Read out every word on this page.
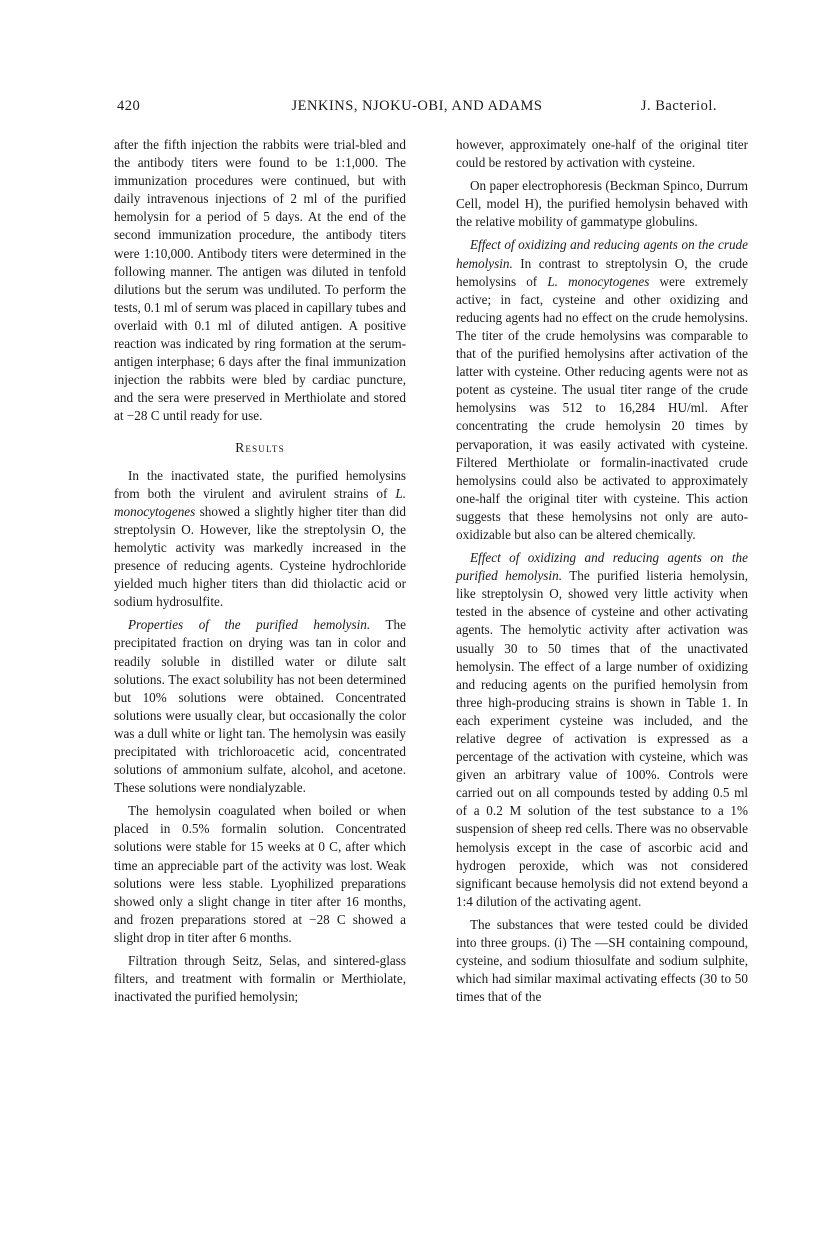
420	JENKINS, NJOKU-OBI, AND ADAMS	J. Bacteriol.

after the fifth injection the rabbits were trial-bled and the antibody titers were found to be 1:1,000. The immunization procedures were continued, but with daily intravenous injections of 2 ml of the purified hemolysin for a period of 5 days. At the end of the second immunization procedure, the antibody titers were 1:10,000. Antibody titers were determined in the following manner. The antigen was diluted in tenfold dilutions but the serum was undiluted. To perform the tests, 0.1 ml of serum was placed in capillary tubes and overlaid with 0.1 ml of diluted antigen. A positive reaction was indicated by ring formation at the serum-antigen interphase; 6 days after the final immunization injection the rabbits were bled by cardiac puncture, and the sera were preserved in Merthiolate and stored at −28 C until ready for use.

Results

In the inactivated state, the purified hemolysins from both the virulent and avirulent strains of L. monocytogenes showed a slightly higher titer than did streptolysin O. However, like the streptolysin O, the hemolytic activity was markedly increased in the presence of reducing agents. Cysteine hydrochloride yielded much higher titers than did thiolactic acid or sodium hydrosulfite.

Properties of the purified hemolysin. The precipitated fraction on drying was tan in color and readily soluble in distilled water or dilute salt solutions. The exact solubility has not been determined but 10% solutions were obtained. Concentrated solutions were usually clear, but occasionally the color was a dull white or light tan. The hemolysin was easily precipitated with trichloroacetic acid, concentrated solutions of ammonium sulfate, alcohol, and acetone. These solutions were nondialyzable.

The hemolysin coagulated when boiled or when placed in 0.5% formalin solution. Concentrated solutions were stable for 15 weeks at 0 C, after which time an appreciable part of the activity was lost. Weak solutions were less stable. Lyophilized preparations showed only a slight change in titer after 16 months, and frozen preparations stored at −28 C showed a slight drop in titer after 6 months.

Filtration through Seitz, Selas, and sintered-glass filters, and treatment with formalin or Merthiolate, inactivated the purified hemolysin;

however, approximately one-half of the original titer could be restored by activation with cysteine.

On paper electrophoresis (Beckman Spinco, Durrum Cell, model H), the purified hemolysin behaved with the relative mobility of gammatype globulins.

Effect of oxidizing and reducing agents on the crude hemolysin. In contrast to streptolysin O, the crude hemolysins of L. monocytogenes were extremely active; in fact, cysteine and other oxidizing and reducing agents had no effect on the crude hemolysins. The titer of the crude hemolysins was comparable to that of the purified hemolysins after activation of the latter with cysteine. Other reducing agents were not as potent as cysteine. The usual titer range of the crude hemolysins was 512 to 16,284 HU/ml. After concentrating the crude hemolysin 20 times by pervaporation, it was easily activated with cysteine. Filtered Merthiolate or formalin-inactivated crude hemolysins could also be activated to approximately one-half the original titer with cysteine. This action suggests that these hemolysins not only are auto-oxidizable but also can be altered chemically.

Effect of oxidizing and reducing agents on the purified hemolysin. The purified listeria hemolysin, like streptolysin O, showed very little activity when tested in the absence of cysteine and other activating agents. The hemolytic activity after activation was usually 30 to 50 times that of the unactivated hemolysin. The effect of a large number of oxidizing and reducing agents on the purified hemolysin from three high-producing strains is shown in Table 1. In each experiment cysteine was included, and the relative degree of activation is expressed as a percentage of the activation with cysteine, which was given an arbitrary value of 100%. Controls were carried out on all compounds tested by adding 0.5 ml of a 0.2 M solution of the test substance to a 1% suspension of sheep red cells. There was no observable hemolysis except in the case of ascorbic acid and hydrogen peroxide, which was not considered significant because hemolysis did not extend beyond a 1:4 dilution of the activating agent.

The substances that were tested could be divided into three groups. (i) The —SH containing compound, cysteine, and sodium thiosulfate and sodium sulphite, which had similar maximal activating effects (30 to 50 times that of the
